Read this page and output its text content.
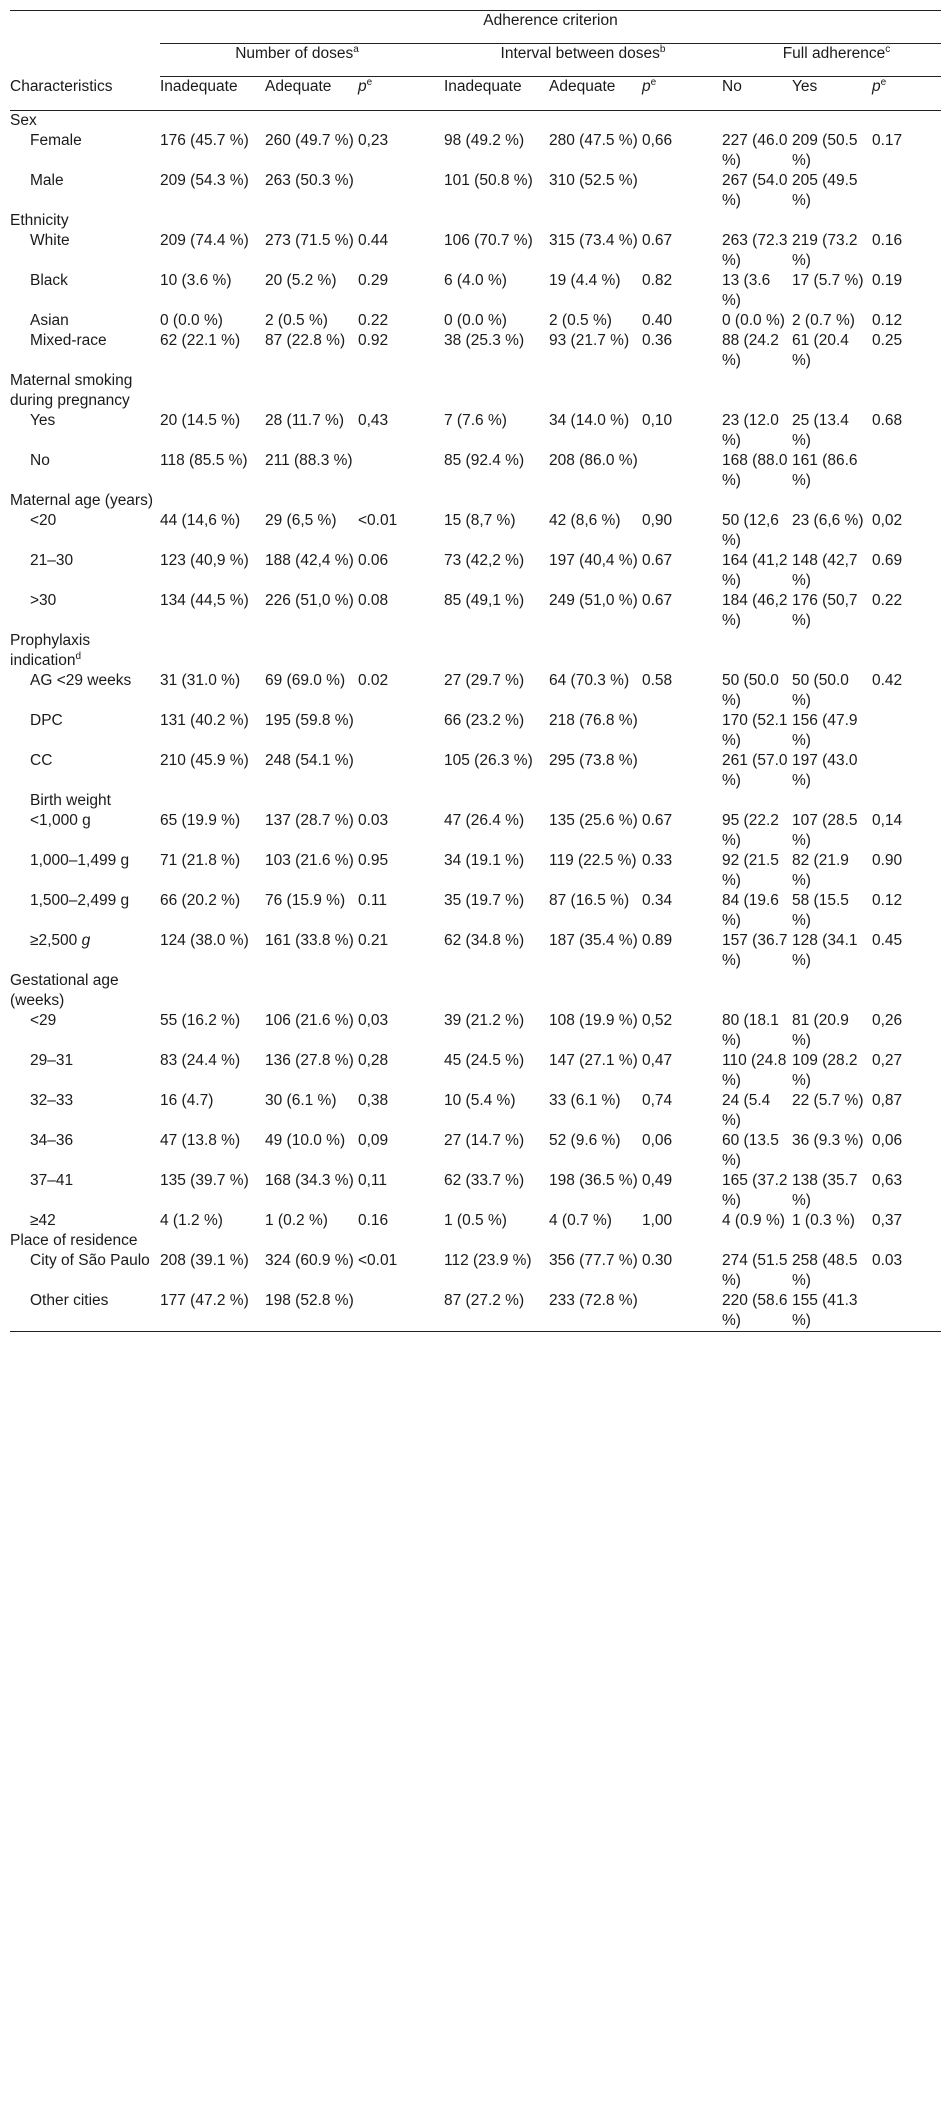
	Adherence criterion								
	Number of doses$^a$			Interval between doses$^b$			Full adherence$^c$
Characteristics	Inadequate	Adequate	$p^e$	Inadequate	Adequate	$p^e$	No	Yes	$p^e$
Sex									
Female	176 (45.7 %)	260 (49.7 %)	0,23	98 (49.2 %)	280 (47.5 %)	0,66	227 (46.0 %)	209 (50.5 %)	0.17
Male	209 (54.3 %)	263 (50.3 %)		101 (50.8 %)	310 (52.5 %)		267 (54.0 %)	205 (49.5 %)	
Ethnicity									
White	209 (74.4 %)	273 (71.5 %)	0.44	106 (70.7 %)	315 (73.4 %)	0.67	263 (72.3 %)	219 (73.2 %)	0.16
Black	10 (3.6 %)	20 (5.2 %)	0.29	6 (4.0 %)	19 (4.4 %)	0.82	13 (3.6 %)	17 (5.7 %)	0.19
Asian	0 (0.0 %)	2 (0.5 %)	0.22	0 (0.0 %)	2 (0.5 %)	0.40	0 (0.0 %)	2 (0.7 %)	0.12
Mixed-race	62 (22.1 %)	87 (22.8 %)	0.92	38 (25.3 %)	93 (21.7 %)	0.36	88 (24.2 %)	61 (20.4 %)	0.25
Maternal smoking during pregnancy									
Yes	20 (14.5 %)	28 (11.7 %)	0,43	7 (7.6 %)	34 (14.0 %)	0,10	23 (12.0 %)	25 (13.4 %)	0.68
No	118 (85.5 %)	211 (88.3 %)		85 (92.4 %)	208 (86.0 %)		168 (88.0 %)	161 (86.6 %)	
Maternal age (years)									
<20	44 (14,6 %)	29 (6,5 %)	<0.01	15 (8,7 %)	42 (8,6 %)	0,90	50 (12,6 %)	23 (6,6 %)	0,02
21–30	123 (40,9 %)	188 (42,4 %)	0.06	73 (42,2 %)	197 (40,4 %)	0.67	164 (41,2 %)	148 (42,7 %)	0.69
>30	134 (44,5 %)	226 (51,0 %)	0.08	85 (49,1 %)	249 (51,0 %)	0.67	184 (46,2 %)	176 (50,7 %)	0.22
Prophylaxis indication$^d$	
AG <29 weeks	31 (31.0 %)	69 (69.0 %)	0.02	27 (29.7 %)	64 (70.3 %)	0.58	50 (50.0 %)	50 (50.0 %)	0.42
DPC	131 (40.2 %)	195 (59.8 %)		66 (23.2 %)	218 (76.8 %)		170 (52.1 %)	156 (47.9 %)	
CC	210 (45.9 %)	248 (54.1 %)		105 (26.3 %)	295 (73.8 %)		261 (57.0 %)	197 (43.0 %)	
Birth weight									
<1,000 g	65 (19.9 %)	137 (28.7 %)	0.03	47 (26.4 %)	135 (25.6 %)	0.67	95 (22.2 %)	107 (28.5 %)	0,14
1,000–1,499 g	71 (21.8 %)	103 (21.6 %)	0.95	34 (19.1 %)	119 (22.5 %)	0.33	92 (21.5 %)	82 (21.9 %)	0.90
1,500–2,499 g	66 (20.2 %)	76 (15.9 %)	0.11	35 (19.7 %)	87 (16.5 %)	0.34	84 (19.6 %)	58 (15.5 %)	0.12
≥2,500 g	124 (38.0 %)	161 (33.8 %)	0.21	62 (34.8 %)	187 (35.4 %)	0.89	157 (36.7 %)	128 (34.1 %)	0.45
Gestational age (weeks)									
<29	55 (16.2 %)	106 (21.6 %)	0,03	39 (21.2 %)	108 (19.9 %)	0,52	80 (18.1 %)	81 (20.9 %)	0,26
29–31	83 (24.4 %)	136 (27.8 %)	0,28	45 (24.5 %)	147 (27.1 %)	0,47	110 (24.8 %)	109 (28.2 %)	0,27
32–33	16 (4.7)	30 (6.1 %)	0,38	10 (5.4 %)	33 (6.1 %)	0,74	24 (5.4 %)	22 (5.7 %)	0,87
34–36	47 (13.8 %)	49 (10.0 %)	0,09	27 (14.7 %)	52 (9.6 %)	0,06	60 (13.5 %)	36 (9.3 %)	0,06
37–41	135 (39.7 %)	168 (34.3 %)	0,11	62 (33.7 %)	198 (36.5 %)	0,49	165 (37.2 %)	138 (35.7 %)	0,63
≥42	4 (1.2 %)	1 (0.2 %)	0.16	1 (0.5 %)	4 (0.7 %)	1,00	4 (0.9 %)	1 (0.3 %)	0,37
Place of residence									
City of São Paulo	208 (39.1 %)	324 (60.9 %)	<0.01	112 (23.9 %)	356 (77.7 %)	0.30	274 (51.5 %)	258 (48.5 %)	0.03
Other cities	177 (47.2 %)	198 (52.8 %)		87 (27.2 %)	233 (72.8 %)		220 (58.6 %)	155 (41.3 %)	
